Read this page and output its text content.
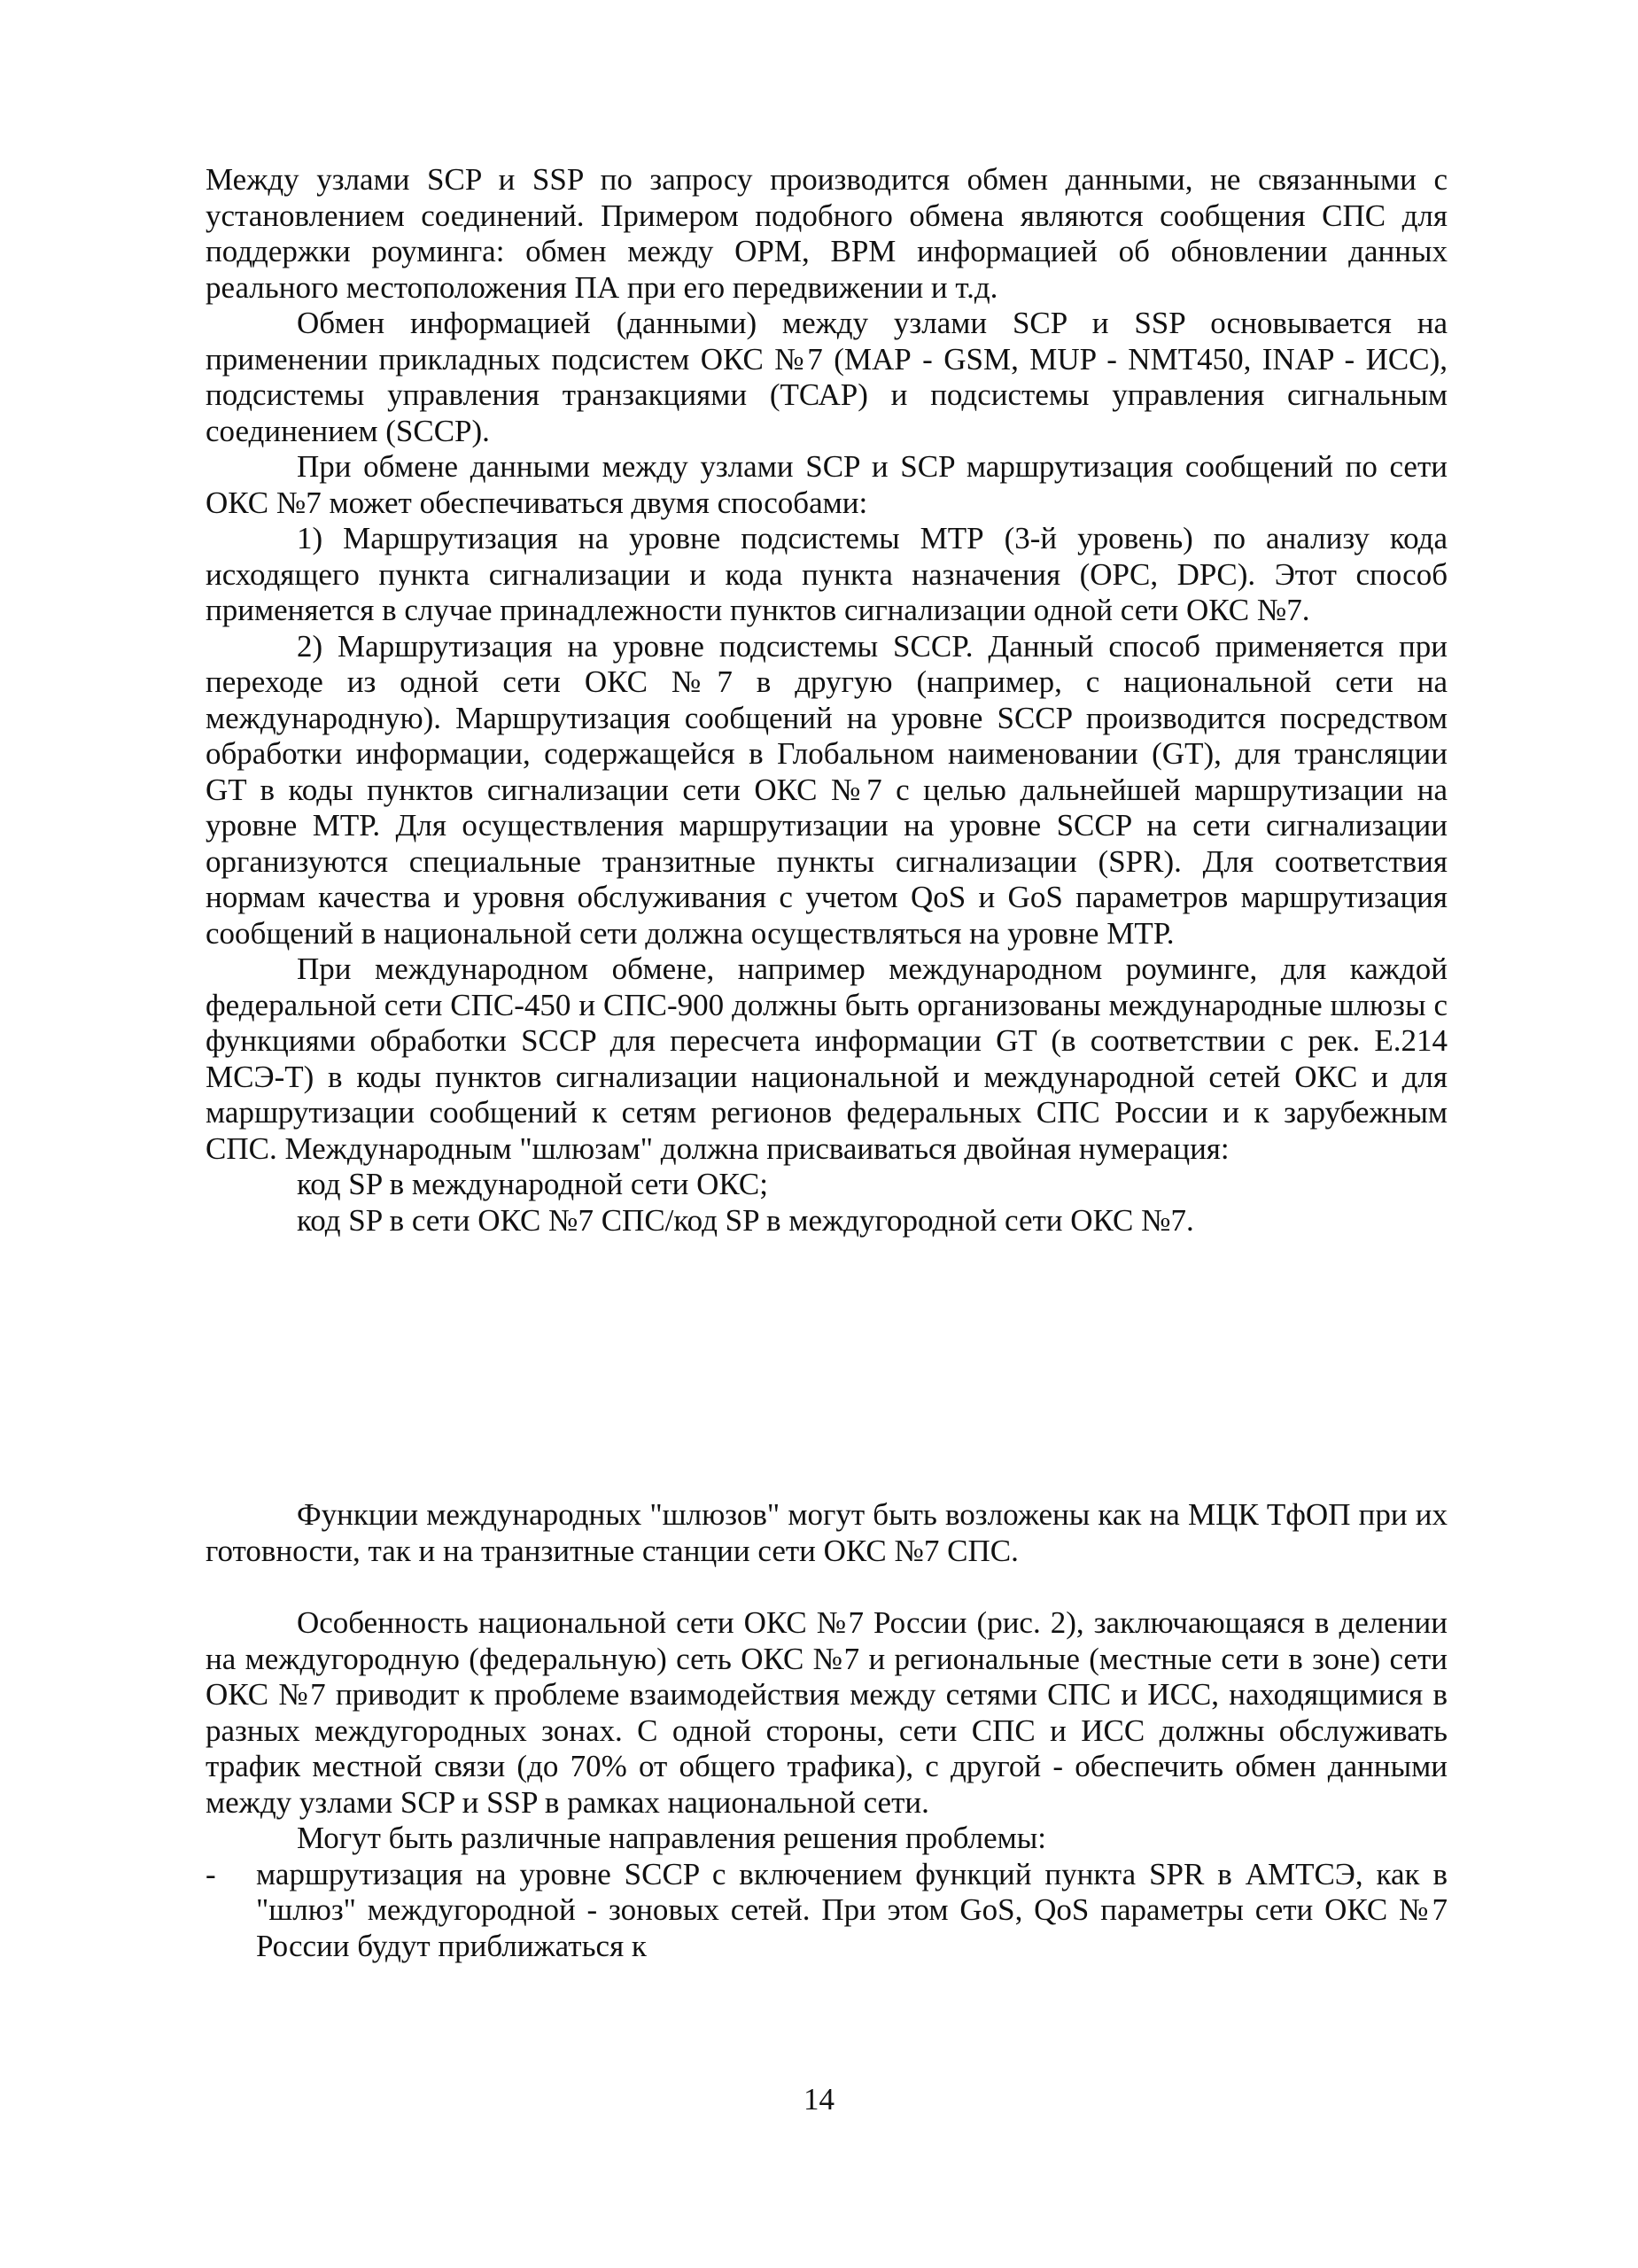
Между узлами SCP и SSP по запросу производится обмен данными, не связанными с установлением соединений. Примером подобного обмена являются сообщения СПС для поддержки роуминга: обмен между ОРМ, ВРМ информацией об обновлении данных реального местоположения ПА при его передвижении и т.д.

Обмен информацией (данными) между узлами SCP и SSP основывается на применении прикладных подсистем ОКС №7 (МАР - GSM, MUP - NMT450, INAP - ИСС), подсистемы управления транзакциями (ТСАР) и подсистемы управления сигнальным соединением (SCCP).

При обмене данными между узлами SCP и SCP маршрутизация сообщений по сети ОКС №7 может обеспечиваться двумя способами:

1) Маршрутизация на уровне подсистемы МТР (3-й уровень) по анализу кода исходящего пункта сигнализации и кода пункта назначения (OPC, DPC). Этот способ применяется в случае принадлежности пунктов сигнализации одной сети ОКС №7.

2) Маршрутизация на уровне подсистемы SCCP. Данный способ применяется при переходе из одной сети ОКС №7 в другую (например, с национальной сети на международную). Маршрутизация сообщений на уровне SCCP производится посредством обработки информации, содержащейся в Глобальном наименовании (GT), для трансляции GT в коды пунктов сигнализации сети ОКС №7 с целью дальнейшей маршрутизации на уровне МТР. Для осуществления маршрутизации на уровне SCCP на сети сигнализации организуются специальные транзитные пункты сигнализации (SPR). Для соответствия нормам качества и уровня обслуживания с учетом QoS и GoS параметров маршрутизация сообщений в национальной сети должна осуществляться на уровне МТР.

При международном обмене, например международном роуминге, для каждой федеральной сети СПС-450 и СПС-900 должны быть организованы международные шлюзы с функциями обработки SCCP для пересчета информации GT (в соответствии с рек. Е.214 МСЭ-Т) в коды пунктов сигнализации национальной и международной сетей ОКС и для маршрутизации сообщений к сетям регионов федеральных СПС России и к зарубежным СПС. Международным "шлюзам" должна присваиваться двойная нумерация:

код SP в международной сети ОКС;
код SP в сети ОКС №7 СПС/код SP в междугородной сети ОКС №7.

Функции международных "шлюзов" могут быть возложены как на МЦК ТфОП при их готовности, так и на транзитные станции сети ОКС №7 СПС.

Особенность национальной сети ОКС №7 России (рис. 2), заключающаяся в делении на междугородную (федеральную) сеть ОКС №7 и региональные (местные сети в зоне) сети ОКС №7 приводит к проблеме взаимодействия между сетями СПС и ИСС, находящимися в разных междугородных зонах. С одной стороны, сети СПС и ИСС должны обслуживать трафик местной связи (до 70% от общего трафика), с другой - обеспечить обмен данными между узлами SCP и SSP в рамках национальной сети.

Могут быть различные направления решения проблемы:

- маршрутизация на уровне SCCP с включением функций пункта SPR в АМТСЭ, как в "шлюз" междугородной - зоновых сетей. При этом GoS, QoS параметры сети ОКС №7 России будут приближаться к
14
